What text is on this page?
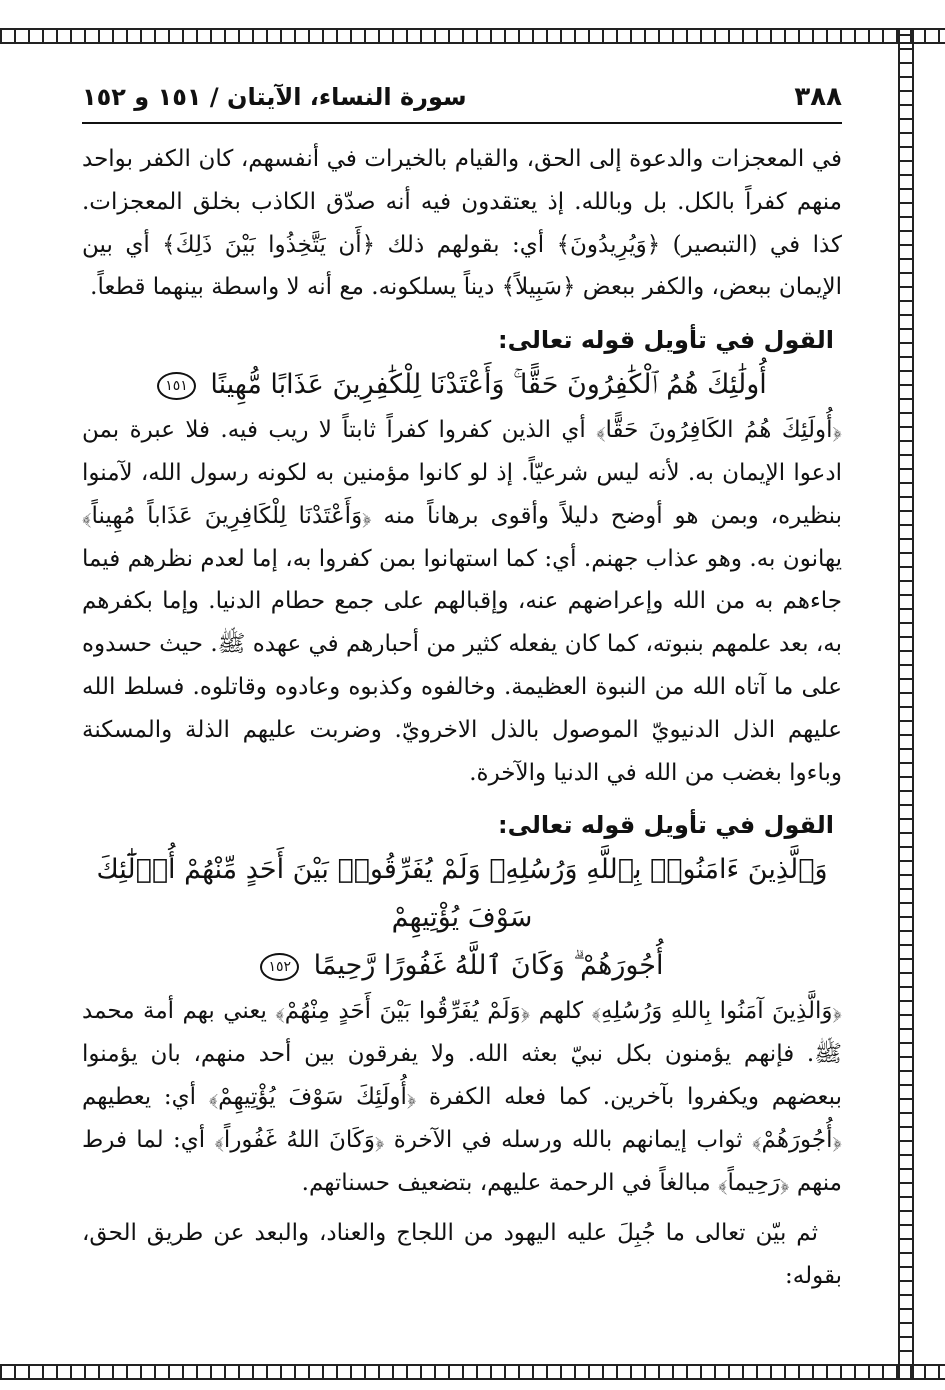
٣٨٨
سورة النساء، الآيتان / ١٥١ و ١٥٢

في المعجزات والدعوة إلى الحق، والقيام بالخيرات في أنفسهم، كان الكفر بواحد منهم كفراً بالكل. بل وبالله. إذ يعتقدون فيه أنه صدّق الكاذب بخلق المعجزات. كذا في (التبصير) ﴿وَيُرِيدُونَ﴾ أي: بقولهم ذلك ﴿أَن يَتَّخِذُوا بَيْنَ ذَلِكَ﴾ أي بين الإيمان ببعض، والكفر ببعض ﴿سَبِيلاً﴾ ديناً يسلكونه. مع أنه لا واسطة بينهما قطعاً.

القول في تأويل قوله تعالى:

أُولَٰئِكَ هُمُ ٱلْكَٰفِرُونَ حَقًّا ۚ وَأَعْتَدْنَا لِلْكَٰفِرِينَ عَذَابًا مُّهِينًا ١٥١

﴿أُولَئِكَ هُمُ الكَافِرُونَ حَقًّا﴾ أي الذين كفروا كفراً ثابتاً لا ريب فيه. فلا عبرة بمن ادعوا الإيمان به. لأنه ليس شرعيّاً. إذ لو كانوا مؤمنين به لكونه رسول الله، لآمنوا بنظيره، وبمن هو أوضح دليلاً وأقوى برهاناً منه ﴿وَأَعْتَدْنَا لِلْكَافِرِينَ عَذَاباً مُهِيناً﴾ يهانون به. وهو عذاب جهنم. أي: كما استهانوا بمن كفروا به، إما لعدم نظرهم فيما جاءهم به من الله وإعراضهم عنه، وإقبالهم على جمع حطام الدنيا. وإما بكفرهم به، بعد علمهم بنبوته، كما كان يفعله كثير من أحبارهم في عهده ﷺ. حيث حسدوه على ما آتاه الله من النبوة العظيمة. وخالفوه وكذبوه وعادوه وقاتلوه. فسلط الله عليهم الذل الدنيويّ الموصول بالذل الاخرويّ. وضربت عليهم الذلة والمسكنة وباءوا بغضب من الله في الدنيا والآخرة.

القول في تأويل قوله تعالى:

وَٱلَّذِينَ ءَامَنُوا۟ بِٱللَّهِ وَرُسُلِهِۦ وَلَمْ يُفَرِّقُوا۟ بَيْنَ أَحَدٍ مِّنْهُمْ أُو۟لَٰٓئِكَ سَوْفَ يُؤْتِيهِمْ

أُجُورَهُمْ ۗ وَكَانَ ٱللَّهُ غَفُورًا رَّحِيمًا ١٥٢

﴿وَالَّذِينَ آمَنُوا بِاللهِ وَرُسُلِهِ﴾ كلهم ﴿وَلَمْ يُفَرِّقُوا بَيْنَ أَحَدٍ مِنْهُمْ﴾ يعني بهم أمة محمد ﷺ. فإنهم يؤمنون بكل نبيّ بعثه الله. ولا يفرقون بين أحد منهم، بان يؤمنوا ببعضهم ويكفروا بآخرين. كما فعله الكفرة ﴿أُولَئِكَ سَوْفَ يُؤْتِيهِمْ﴾ أي: يعطيهم ﴿أُجُورَهُمْ﴾ ثواب إيمانهم بالله ورسله في الآخرة ﴿وَكَانَ اللهُ غَفُوراً﴾ أي: لما فرط منهم ﴿رَحِيماً﴾ مبالغاً في الرحمة عليهم، بتضعيف حسناتهم.

ثم بيّن تعالى ما جُبِلَ عليه اليهود من اللجاج والعناد، والبعد عن طريق الحق، بقوله:
